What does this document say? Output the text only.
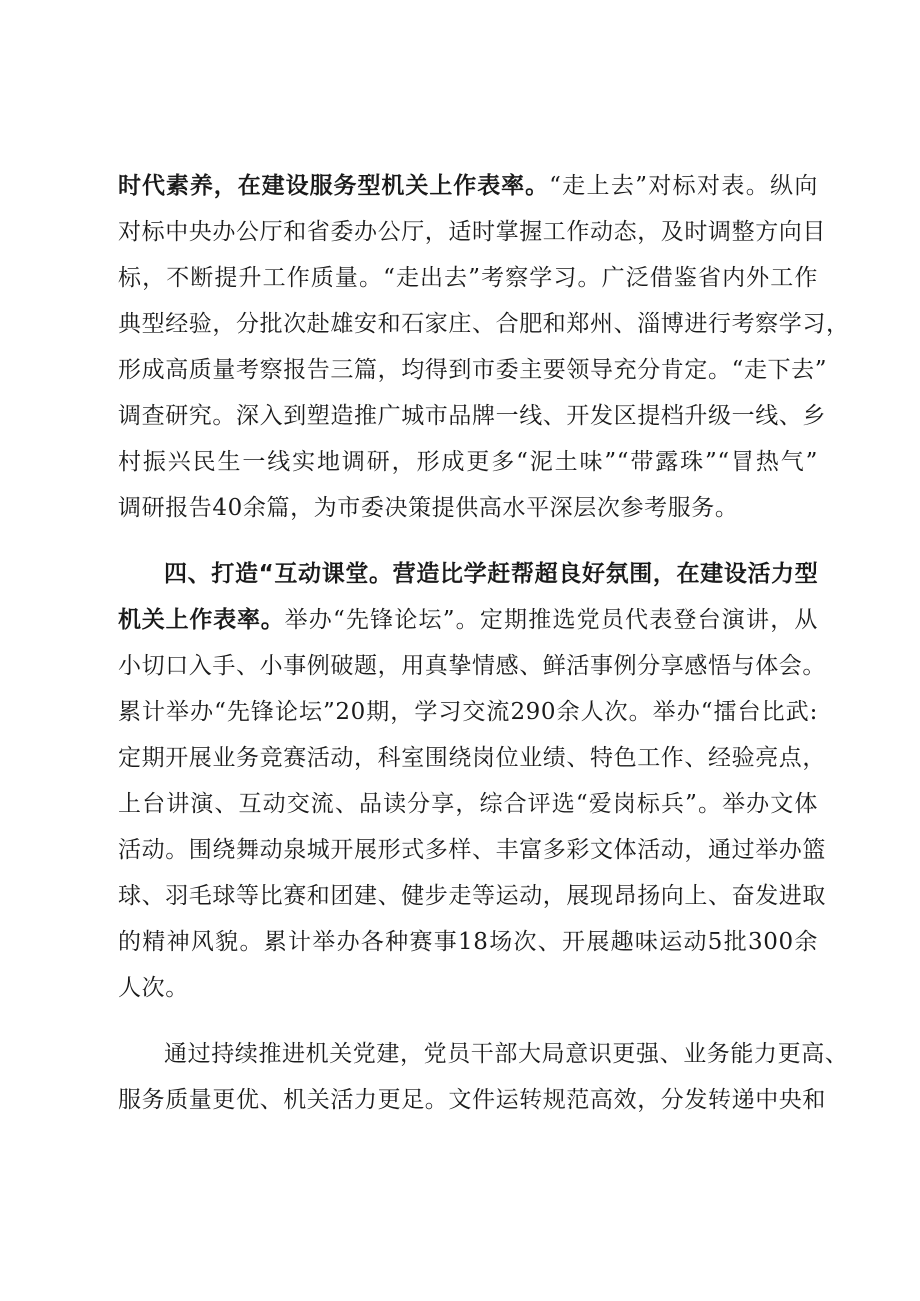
时代素养，在建设服务型机关上作表率。“走上去”对标对表。纵向
对标中央办公厅和省委办公厅，适时掌握工作动态，及时调整方向目
标，不断提升工作质量。“走出去”考察学习。广泛借鉴省内外工作
典型经验，分批次赴雄安和石家庄、合肥和郑州、淄博进行考察学习，
形成高质量考察报告三篇，均得到市委主要领导充分肯定。“走下去”
调查研究。深入到塑造推广城市品牌一线、开发区提档升级一线、乡
村振兴民生一线实地调研，形成更多“泥土味”“带露珠”“冒热气”
调研报告40余篇，为市委决策提供高水平深层次参考服务。
四、打造“互动课堂。营造比学赶帮超良好氛围，在建设活力型
机关上作表率。举办“先锋论坛”。定期推选党员代表登台演讲，从
小切口入手、小事例破题，用真挚情感、鲜活事例分享感悟与体会。
累计举办“先锋论坛”20期，学习交流290余人次。举办“擂台比武:
定期开展业务竞赛活动，科室围绕岗位业绩、特色工作、经验亮点，
上台讲演、互动交流、品读分享，综合评选“爱岗标兵”。举办文体
活动。围绕舞动泉城开展形式多样、丰富多彩文体活动，通过举办篮
球、羽毛球等比赛和团建、健步走等运动，展现昂扬向上、奋发进取
的精神风貌。累计举办各种赛事18场次、开展趣味运动5批300余
人次。
通过持续推进机关党建，党员干部大局意识更强、业务能力更高、
服务质量更优、机关活力更足。文件运转规范高效，分发转递中央和
